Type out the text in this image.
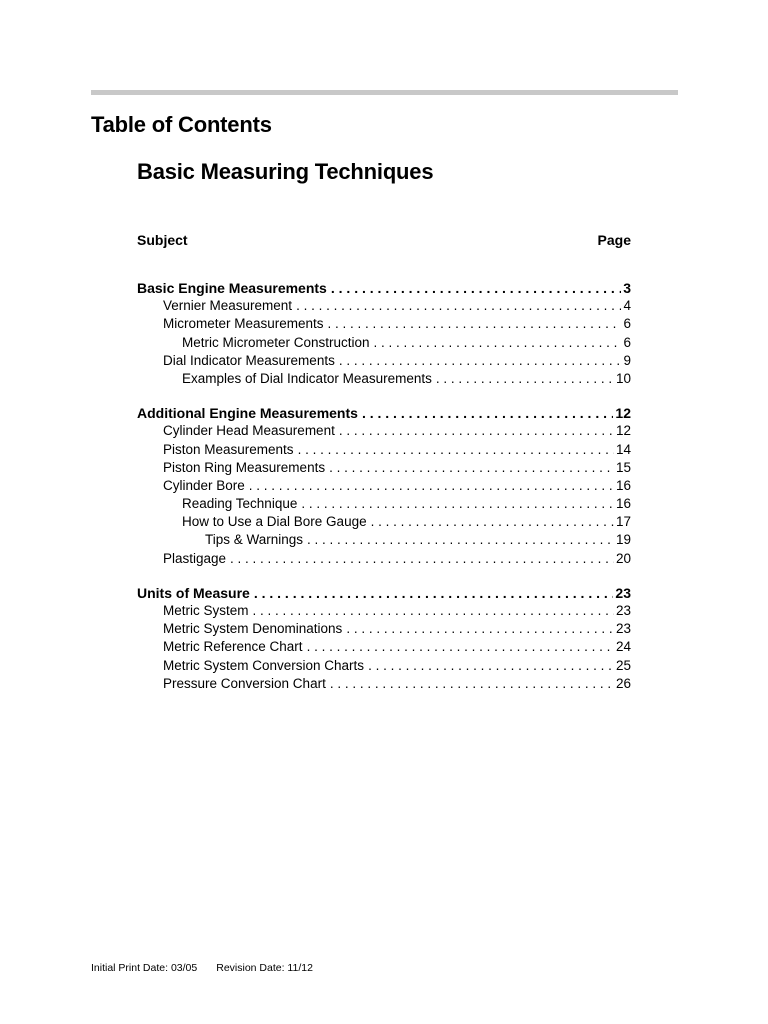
Table of Contents
Basic Measuring Techniques
Subject	Page
Basic Engine Measurements . . .	3
Vernier Measurement . . .	4
Micrometer Measurements . . .	6
Metric Micrometer Construction . . .	6
Dial Indicator Measurements . . .	9
Examples of Dial Indicator Measurements . . .	10
Additional Engine Measurements . . .	12
Cylinder Head Measurement . . .	12
Piston Measurements . . .	14
Piston Ring Measurements . . .	15
Cylinder Bore . . .	16
Reading Technique . . .	16
How to Use a Dial Bore Gauge . . .	17
Tips & Warnings . . .	19
Plastigage . . .	20
Units of Measure . . .	23
Metric System . . .	23
Metric System Denominations . . .	23
Metric Reference Chart . . .	24
Metric System Conversion Charts . . .	25
Pressure Conversion Chart . . .	26
Initial Print Date: 03/05 Revision Date: 11/12
